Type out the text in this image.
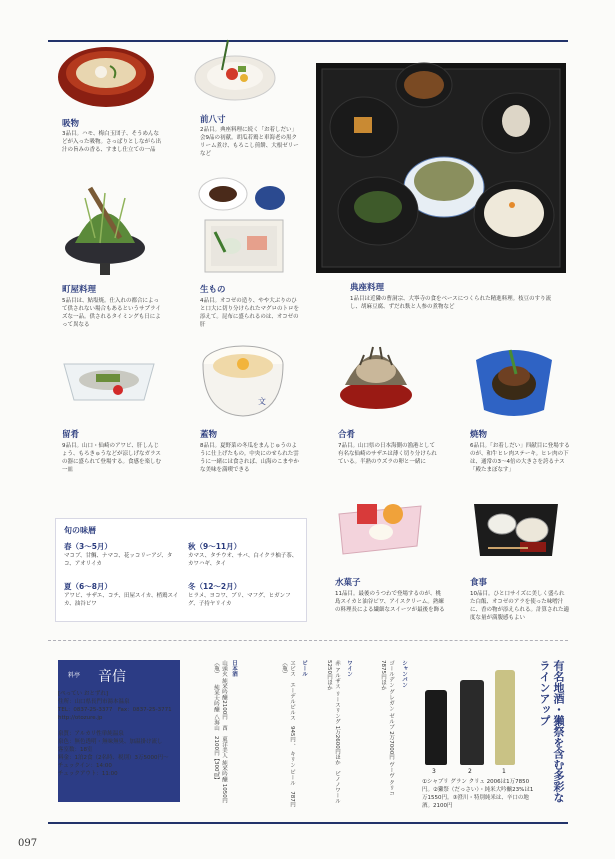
吸物
3品目。ハモ、梅白玉団子、そうめんなどが入った吸物。さっぱりとしながら出汁の旨みの香る、すまし仕立ての一品
前八寸
2品目。典座料理に続く「お着しだい」会9品の初献。胡瓜若鶏と車海老の黒クリーム煮け、もろこし煎餅、大根ゼリーなど
典座料理
1品目は近隣の曹洞宗、大寧寺の食をベースにつくられた精進料理。枝豆のすり流し、胡麻豆腐、ずだれ麩と人参の煮物など
町屋料理
5品目は、鮎塩焼。仕入れの都合によって供されない場合もあるというサプライズな一品。供されるタイミングも日によって異なる
生もの
4品目。オコゼの造り、やや大ぶりのひと口大に切り分けられたマグロのトロを添えて。昆布に盛られるのは、オコゼの肝
留肴
9品目。山口・仙崎のアワビ、肝しんじょう、もろきゅうなどが涼しげなガラスの器に盛られて登場する。食感を楽しむ一皿
文
蓋物
8品目。夏野菜の冬瓜をまんじゅうのように仕上げたもの。中央にのせられた雲うに一緒には食されば、山海のこまやかな美味を満喫できる
合肴
7品目。山口県の日本海側の漁港として有名な仙崎のサザエは薄く切り分けられている。半熟のウズラの卵と一緒に
焼物
6品目。「お着しだい」四献目に登場するのが、和牛ヒレ肉ステーキ。ヒレ肉の下は、通常の3〜4倍の大きさを誇るナス「殿たまぼなす」
旬の味暦
春（3〜5月）
マコブ、甘鯛、ナマコ、花ッコリーアジ、タコ、アオリイカ
秋（9〜11月）
カマス、タチウオ、サバ、白イクラ柚子茶、カワハギ、タイ
夏（6〜8月）
アワビ、サザエ、コチ、田屋スイカ、梢鶏スイカ、油谷ビワ
冬（12〜2月）
ヒラメ、ヨコワ、ブリ、マフグ、ヒガンフグ、子持ヤリイカ
水菓子
11品目。最後のうつわで登場するのが、桃島スイカと油谷ビワ、アイスクリーム。熟練の料理長による繊細なスイーツが最後を飾る
食事
10品目。ひと口サイズに美しく盛られた白飯、オコゼのアラを使った味噌汁に、香の物が添えられる。計算された適度な量が満腹感もよい
料亭 音信
[ぺってい おとずれ]
住所：山口県長門市湯本温泉
TEL：0837-25-3377　Fax：0837-25-3771
http://otozure.jp
泉質：アルカリ性単純温泉
泉色：無色透明・無味無臭、加温掛け流し
客室数：18室
料金：1泊2食（2名時、税別）3万5000円〜
チェックイン：14:00
チェックアウト：11:00
日本酒
山頭火 純米吟醸2100円　酉　東洋美人 純米吟醸 1050円（瓶）　　純米大吟醸 八海山　2100円【300㎖】	ビール
ヱビス　エーデルピルス　945円 、 キリン ビール　787円（瓶）	ワイン
赤 アルザス リースリング 1万2600円ほか　ピノノワール 5250円ほか	シャンパン
ゴールデン グレガン ゼルブ 2万7000円 ヴーヴ クリコ 7875円ほか
3	2	1
①シャブリ グラン クリュ 2006は1万7850円。②獺祭（だっさい）・純米大吟醸23%は1万1550円。③澄川・特別純米は、辛口の地酒。2100円
有名地酒・獺祭を含む多彩なラインアップ
097
